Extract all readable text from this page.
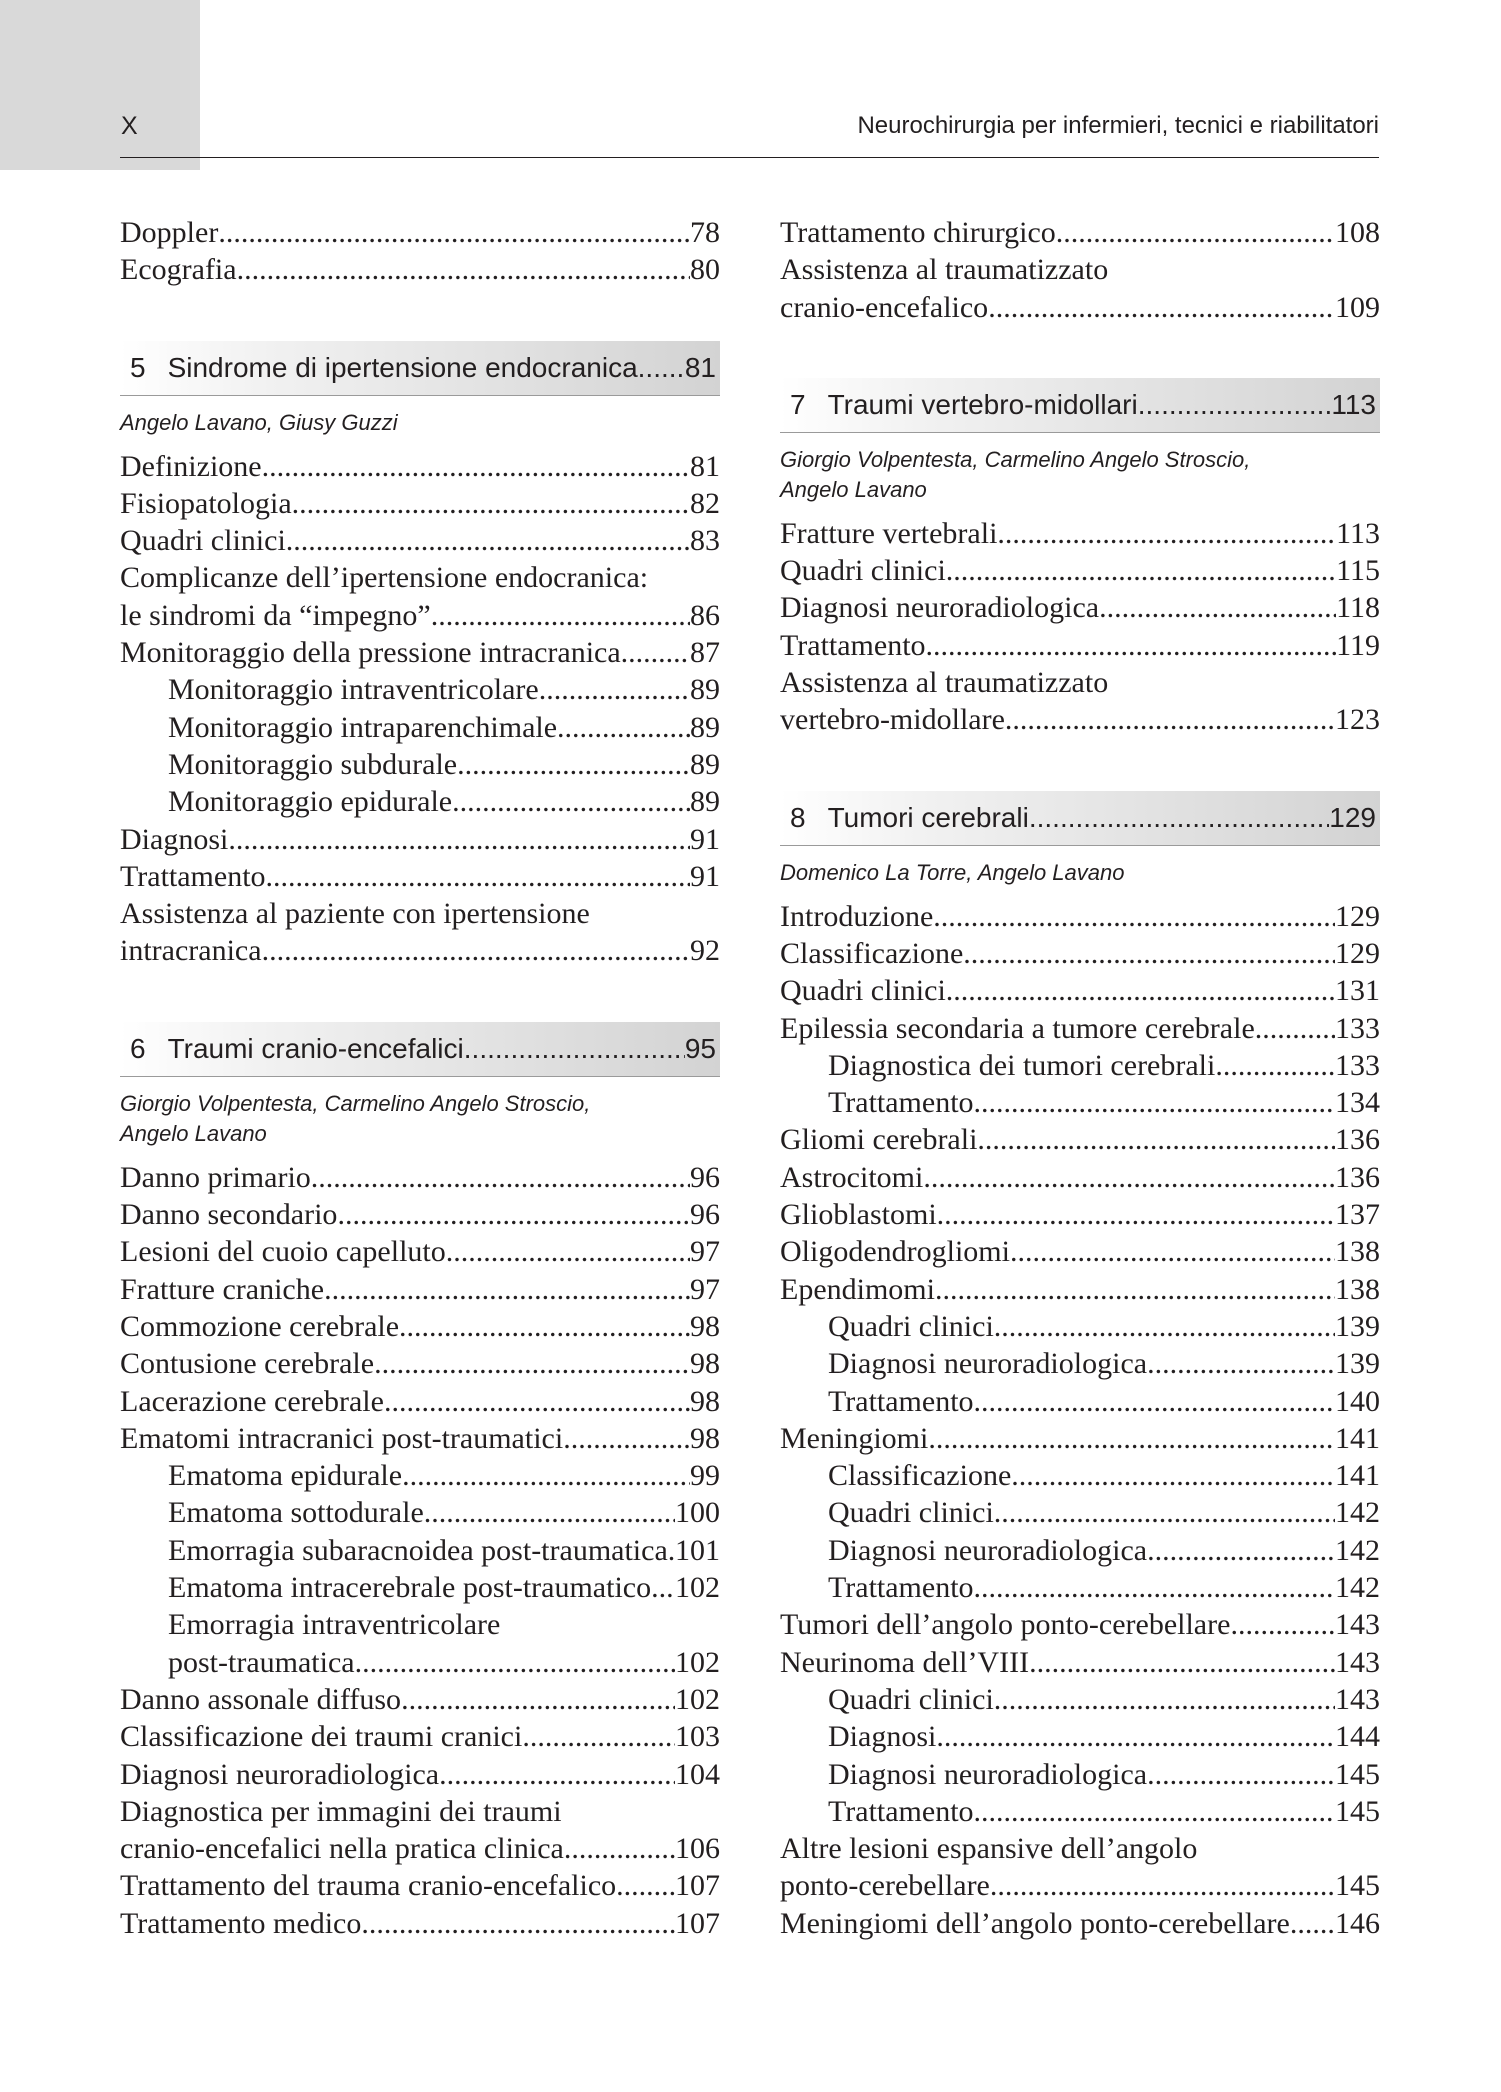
X	Neurochirurgia per infermieri, tecnici e riabilitatori
Doppler .....	78
Ecografia .....	80
5 Sindrome di ipertensione endocranica ..... 81
Angelo Lavano, Giusy Guzzi
Definizione .....	81
Fisiopatologia .....	82
Quadri clinici .....	83
Complicanze dell’ipertensione endocranica:
le sindromi da “impegno” .....	86
Monitoraggio della pressione intracranica ..... 87
Monitoraggio intraventricolare .....	89
Monitoraggio intraparenchimale .....	89
Monitoraggio subdurale .....	89
Monitoraggio epidurale .....	89
Diagnosi .....	91
Trattamento .....	91
Assistenza al paziente con ipertensione
intracranica .....	92
6 Traumi cranio-encefalici .....	95
Giorgio Volpentesta, Carmelino Angelo Stroscio,
Angelo Lavano
Danno primario .....	96
Danno secondario .....	96
Lesioni del cuoio capelluto .....	97
Fratture craniche .....	97
Commozione cerebrale .....	98
Contusione cerebrale .....	98
Lacerazione cerebrale .....	98
Ematomi intracranici post-traumatici .....	98
Ematoma epidurale .....	99
Ematoma sottodurale .....	100
Emorragia subaracnoidea post-traumatica ..... 101
Ematoma intracerebrale post-traumatico ..... 102
Emorragia intraventricolare
post-traumatica .....	102
Danno assonale diffuso .....	102
Classificazione dei traumi cranici .....	103
Diagnosi neuroradiologica .....	104
Diagnostica per immagini dei traumi
cranio-encefalici nella pratica clinica .....	106
Trattamento del trauma cranio-encefalico ..... 107
Trattamento medico .....	107
Trattamento chirurgico .....	108
Assistenza al traumatizzato
cranio-encefalico .....	109
7 Traumi vertebro-midollari .....	113
Giorgio Volpentesta, Carmelino Angelo Stroscio,
Angelo Lavano
Fratture vertebrali .....	113
Quadri clinici .....	115
Diagnosi neuroradiologica .....	118
Trattamento .....	119
Assistenza al traumatizzato
vertebro-midollare .....	123
8 Tumori cerebrali .....	129
Domenico La Torre, Angelo Lavano
Introduzione .....	129
Classificazione .....	129
Quadri clinici .....	131
Epilessia secondaria a tumore cerebrale .....	133
Diagnostica dei tumori cerebrali .....	133
Trattamento .....	134
Gliomi cerebrali .....	136
Astrocitomi .....	136
Glioblastomi .....	137
Oligodendrogliomi .....	138
Ependimomi .....	138
Quadri clinici .....	139
Diagnosi neuroradiologica .....	139
Trattamento .....	140
Meningiomi .....	141
Classificazione .....	141
Quadri clinici .....	142
Diagnosi neuroradiologica .....	142
Trattamento .....	142
Tumori dell’angolo ponto-cerebellare .....	143
Neurinoma dell’VIII .....	143
Quadri clinici .....	143
Diagnosi .....	144
Diagnosi neuroradiologica .....	145
Trattamento .....	145
Altre lesioni espansive dell’angolo
ponto-cerebellare .....	145
Meningiomi dell’angolo ponto-cerebellare ..... 146
